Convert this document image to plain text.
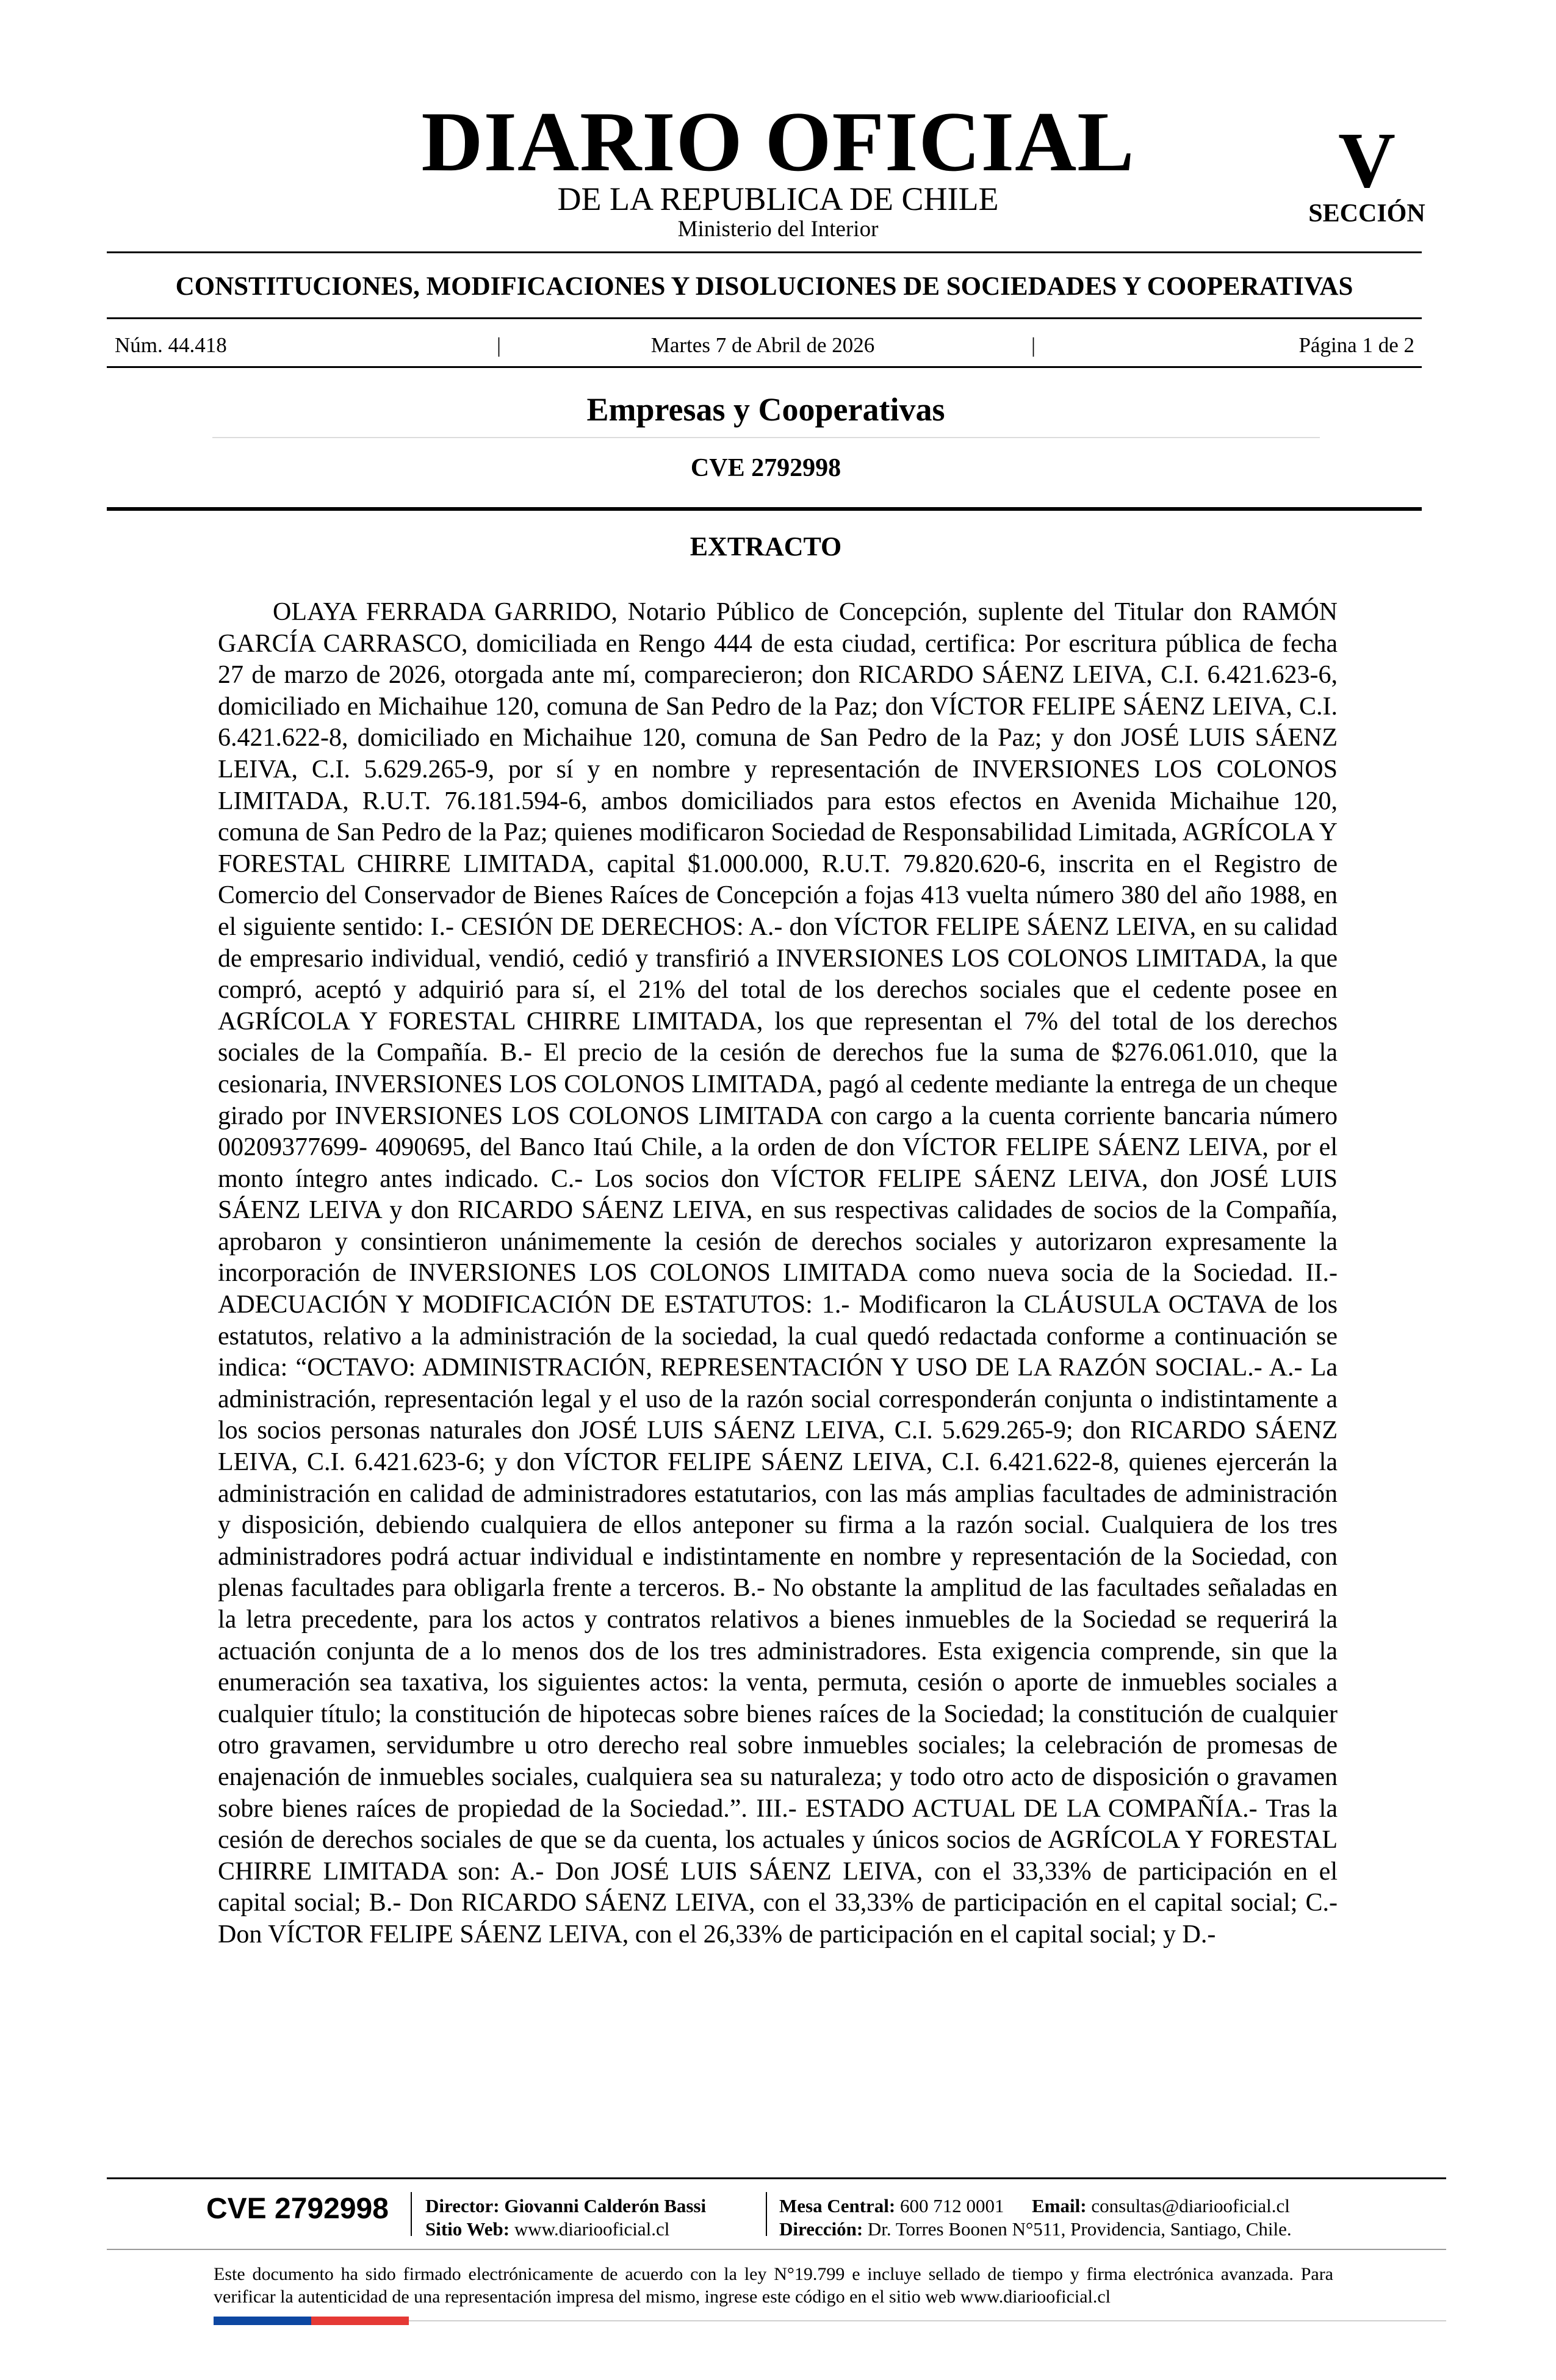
DIARIO OFICIAL
DE LA REPUBLICA DE CHILE
Ministerio del Interior
V
SECCIÓN
CONSTITUCIONES, MODIFICACIONES Y DISOLUCIONES DE SOCIEDADES Y COOPERATIVAS
Núm. 44.418	|	Martes 7 de Abril de 2026	|	Página 1 de 2
Empresas y Cooperativas
CVE 2792998
EXTRACTO

OLAYA FERRADA GARRIDO, Notario Público de Concepción, suplente del Titular don RAMÓN GARCÍA CARRASCO, domiciliada en Rengo 444 de esta ciudad, certifica: Por escritura pública de fecha 27 de marzo de 2026, otorgada ante mí, comparecieron; don RICARDO SÁENZ LEIVA, C.I. 6.421.623-6, domiciliado en Michaihue 120, comuna de San Pedro de la Paz; don VÍCTOR FELIPE SÁENZ LEIVA, C.I. 6.421.622-8, domiciliado en Michaihue 120, comuna de San Pedro de la Paz; y don JOSÉ LUIS SÁENZ LEIVA, C.I. 5.629.265-9, por sí y en nombre y representación de INVERSIONES LOS COLONOS LIMITADA, R.U.T. 76.181.594-6, ambos domiciliados para estos efectos en Avenida Michaihue 120, comuna de San Pedro de la Paz; quienes modificaron Sociedad de Responsabilidad Limitada, AGRÍCOLA Y FORESTAL CHIRRE LIMITADA, capital $1.000.000, R.U.T. 79.820.620-6, inscrita en el Registro de Comercio del Conservador de Bienes Raíces de Concepción a fojas 413 vuelta número 380 del año 1988, en el siguiente sentido: I.- CESIÓN DE DERECHOS: A.- don VÍCTOR FELIPE SÁENZ LEIVA, en su calidad de empresario individual, vendió, cedió y transfirió a INVERSIONES LOS COLONOS LIMITADA, la que compró, aceptó y adquirió para sí, el 21% del total de los derechos sociales que el cedente posee en AGRÍCOLA Y FORESTAL CHIRRE LIMITADA, los que representan el 7% del total de los derechos sociales de la Compañía. B.- El precio de la cesión de derechos fue la suma de $276.061.010, que la cesionaria, INVERSIONES LOS COLONOS LIMITADA, pagó al cedente mediante la entrega de un cheque girado por INVERSIONES LOS COLONOS LIMITADA con cargo a la cuenta corriente bancaria número 00209377699- 4090695, del Banco Itaú Chile, a la orden de don VÍCTOR FELIPE SÁENZ LEIVA, por el monto íntegro antes indicado. C.- Los socios don VÍCTOR FELIPE SÁENZ LEIVA, don JOSÉ LUIS SÁENZ LEIVA y don RICARDO SÁENZ LEIVA, en sus respectivas calidades de socios de la Compañía, aprobaron y consintieron unánimemente la cesión de derechos sociales y autorizaron expresamente la incorporación de INVERSIONES LOS COLONOS LIMITADA como nueva socia de la Sociedad. II.- ADECUACIÓN Y MODIFICACIÓN DE ESTATUTOS: 1.- Modificaron la CLÁUSULA OCTAVA de los estatutos, relativo a la administración de la sociedad, la cual quedó redactada conforme a continuación se indica: “OCTAVO: ADMINISTRACIÓN, REPRESENTACIÓN Y USO DE LA RAZÓN SOCIAL.- A.- La administración, representación legal y el uso de la razón social corresponderán conjunta o indistintamente a los socios personas naturales don JOSÉ LUIS SÁENZ LEIVA, C.I. 5.629.265-9; don RICARDO SÁENZ LEIVA, C.I. 6.421.623-6; y don VÍCTOR FELIPE SÁENZ LEIVA, C.I. 6.421.622-8, quienes ejercerán la administración en calidad de administradores estatutarios, con las más amplias facultades de administración y disposición, debiendo cualquiera de ellos anteponer su firma a la razón social. Cualquiera de los tres administradores podrá actuar individual e indistintamente en nombre y representación de la Sociedad, con plenas facultades para obligarla frente a terceros. B.- No obstante la amplitud de las facultades señaladas en la letra precedente, para los actos y contratos relativos a bienes inmuebles de la Sociedad se requerirá la actuación conjunta de a lo menos dos de los tres administradores. Esta exigencia comprende, sin que la enumeración sea taxativa, los siguientes actos: la venta, permuta, cesión o aporte de inmuebles sociales a cualquier título; la constitución de hipotecas sobre bienes raíces de la Sociedad; la constitución de cualquier otro gravamen, servidumbre u otro derecho real sobre inmuebles sociales; la celebración de promesas de enajenación de inmuebles sociales, cualquiera sea su naturaleza; y todo otro acto de disposición o gravamen sobre bienes raíces de propiedad de la Sociedad.”. III.- ESTADO ACTUAL DE LA COMPAÑÍA.- Tras la cesión de derechos sociales de que se da cuenta, los actuales y únicos socios de AGRÍCOLA Y FORESTAL CHIRRE LIMITADA son: A.- Don JOSÉ LUIS SÁENZ LEIVA, con el 33,33% de participación en el capital social; B.- Don RICARDO SÁENZ LEIVA, con el 33,33% de participación en el capital social; C.- Don VÍCTOR FELIPE SÁENZ LEIVA, con el 26,33% de participación en el capital social; y D.-

CVE 2792998 Director: Giovanni Calderón Bassi
Sitio Web: www.diariooficial.cl
Mesa Central: 600 712 0001 Email: consultas@diariooficial.cl
Dirección: Dr. Torres Boonen N°511, Providencia, Santiago, Chile.

Este documento ha sido firmado electrónicamente de acuerdo con la ley N°19.799 e incluye sellado de tiempo y firma electrónica avanzada. Para verificar la autenticidad de una representación impresa del mismo, ingrese este código en el sitio web www.diariooficial.cl
